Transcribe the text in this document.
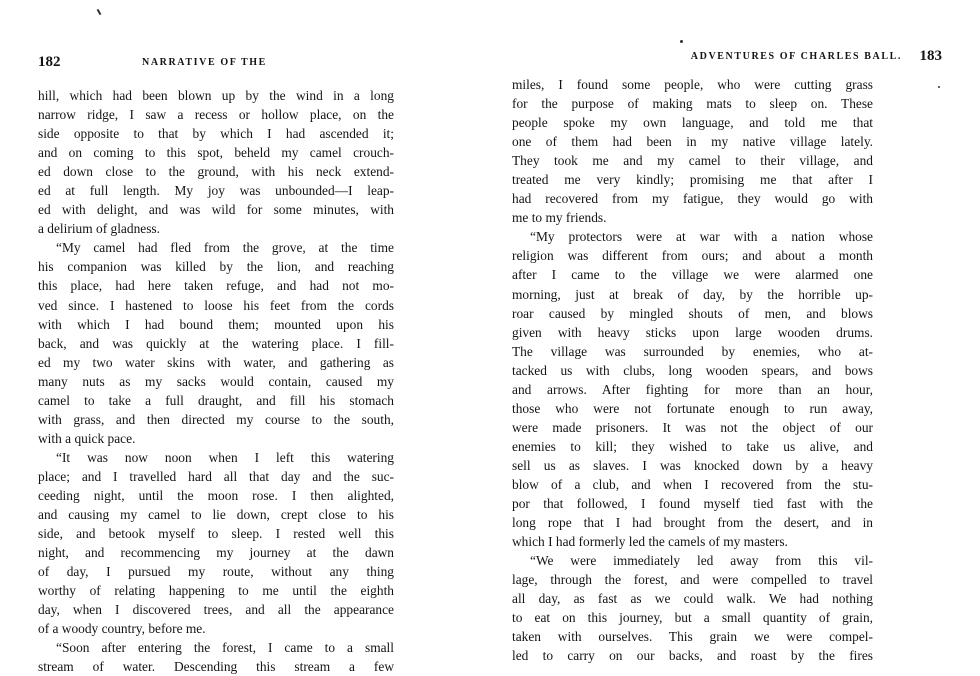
182	NARRATIVE OF THE
hill, which had been blown up by the wind in a long
narrow ridge, I saw a recess or hollow place, on the
side opposite to that by which I had ascended it;
and on coming to this spot, beheld my camel crouch-
ed down close to the ground, with his neck extend-
ed at full length. My joy was unbounded—I leap-
ed with delight, and was wild for some minutes, with
a delirium of gladness.
“My camel had fled from the grove, at the time
his companion was killed by the lion, and reaching
this place, had here taken refuge, and had not mo-
ved since. I hastened to loose his feet from the cords
with which I had bound them; mounted upon his
back, and was quickly at the watering place. I fill-
ed my two water skins with water, and gathering as
many nuts as my sacks would contain, caused my
camel to take a full draught, and fill his stomach
with grass, and then directed my course to the south,
with a quick pace.
“It was now noon when I left this watering
place; and I travelled hard all that day and the suc-
ceeding night, until the moon rose. I then alighted,
and causing my camel to lie down, crept close to his
side, and betook myself to sleep. I rested well this
night, and recommencing my journey at the dawn
of day, I pursued my route, without any thing
worthy of relating happening to me until the eighth
day, when I discovered trees, and all the appearance
of a woody country, before me.
“Soon after entering the forest, I came to a small
stream of water. Descending this stream a few
183
ADVENTURES OF CHARLES BALL.
miles, I found some people, who were cutting grass
for the purpose of making mats to sleep on. These
people spoke my own language, and told me that
one of them had been in my native village lately.
They took me and my camel to their village, and
treated me very kindly; promising me that after I
had recovered from my fatigue, they would go with
me to my friends.
“My protectors were at war with a nation whose
religion was different from ours; and about a month
after I came to the village we were alarmed one
morning, just at break of day, by the horrible up-
roar caused by mingled shouts of men, and blows
given with heavy sticks upon large wooden drums.
The village was surrounded by enemies, who at-
tacked us with clubs, long wooden spears, and bows
and arrows. After fighting for more than an hour,
those who were not fortunate enough to run away,
were made prisoners. It was not the object of our
enemies to kill; they wished to take us alive, and
sell us as slaves. I was knocked down by a heavy
blow of a club, and when I recovered from the stu-
por that followed, I found myself tied fast with the
long rope that I had brought from the desert, and in
which I had formerly led the camels of my masters.
“We were immediately led away from this vil-
lage, through the forest, and were compelled to travel
all day, as fast as we could walk. We had nothing
to eat on this journey, but a small quantity of grain,
taken with ourselves. This grain we were compel-
led to carry on our backs, and roast by the fires
